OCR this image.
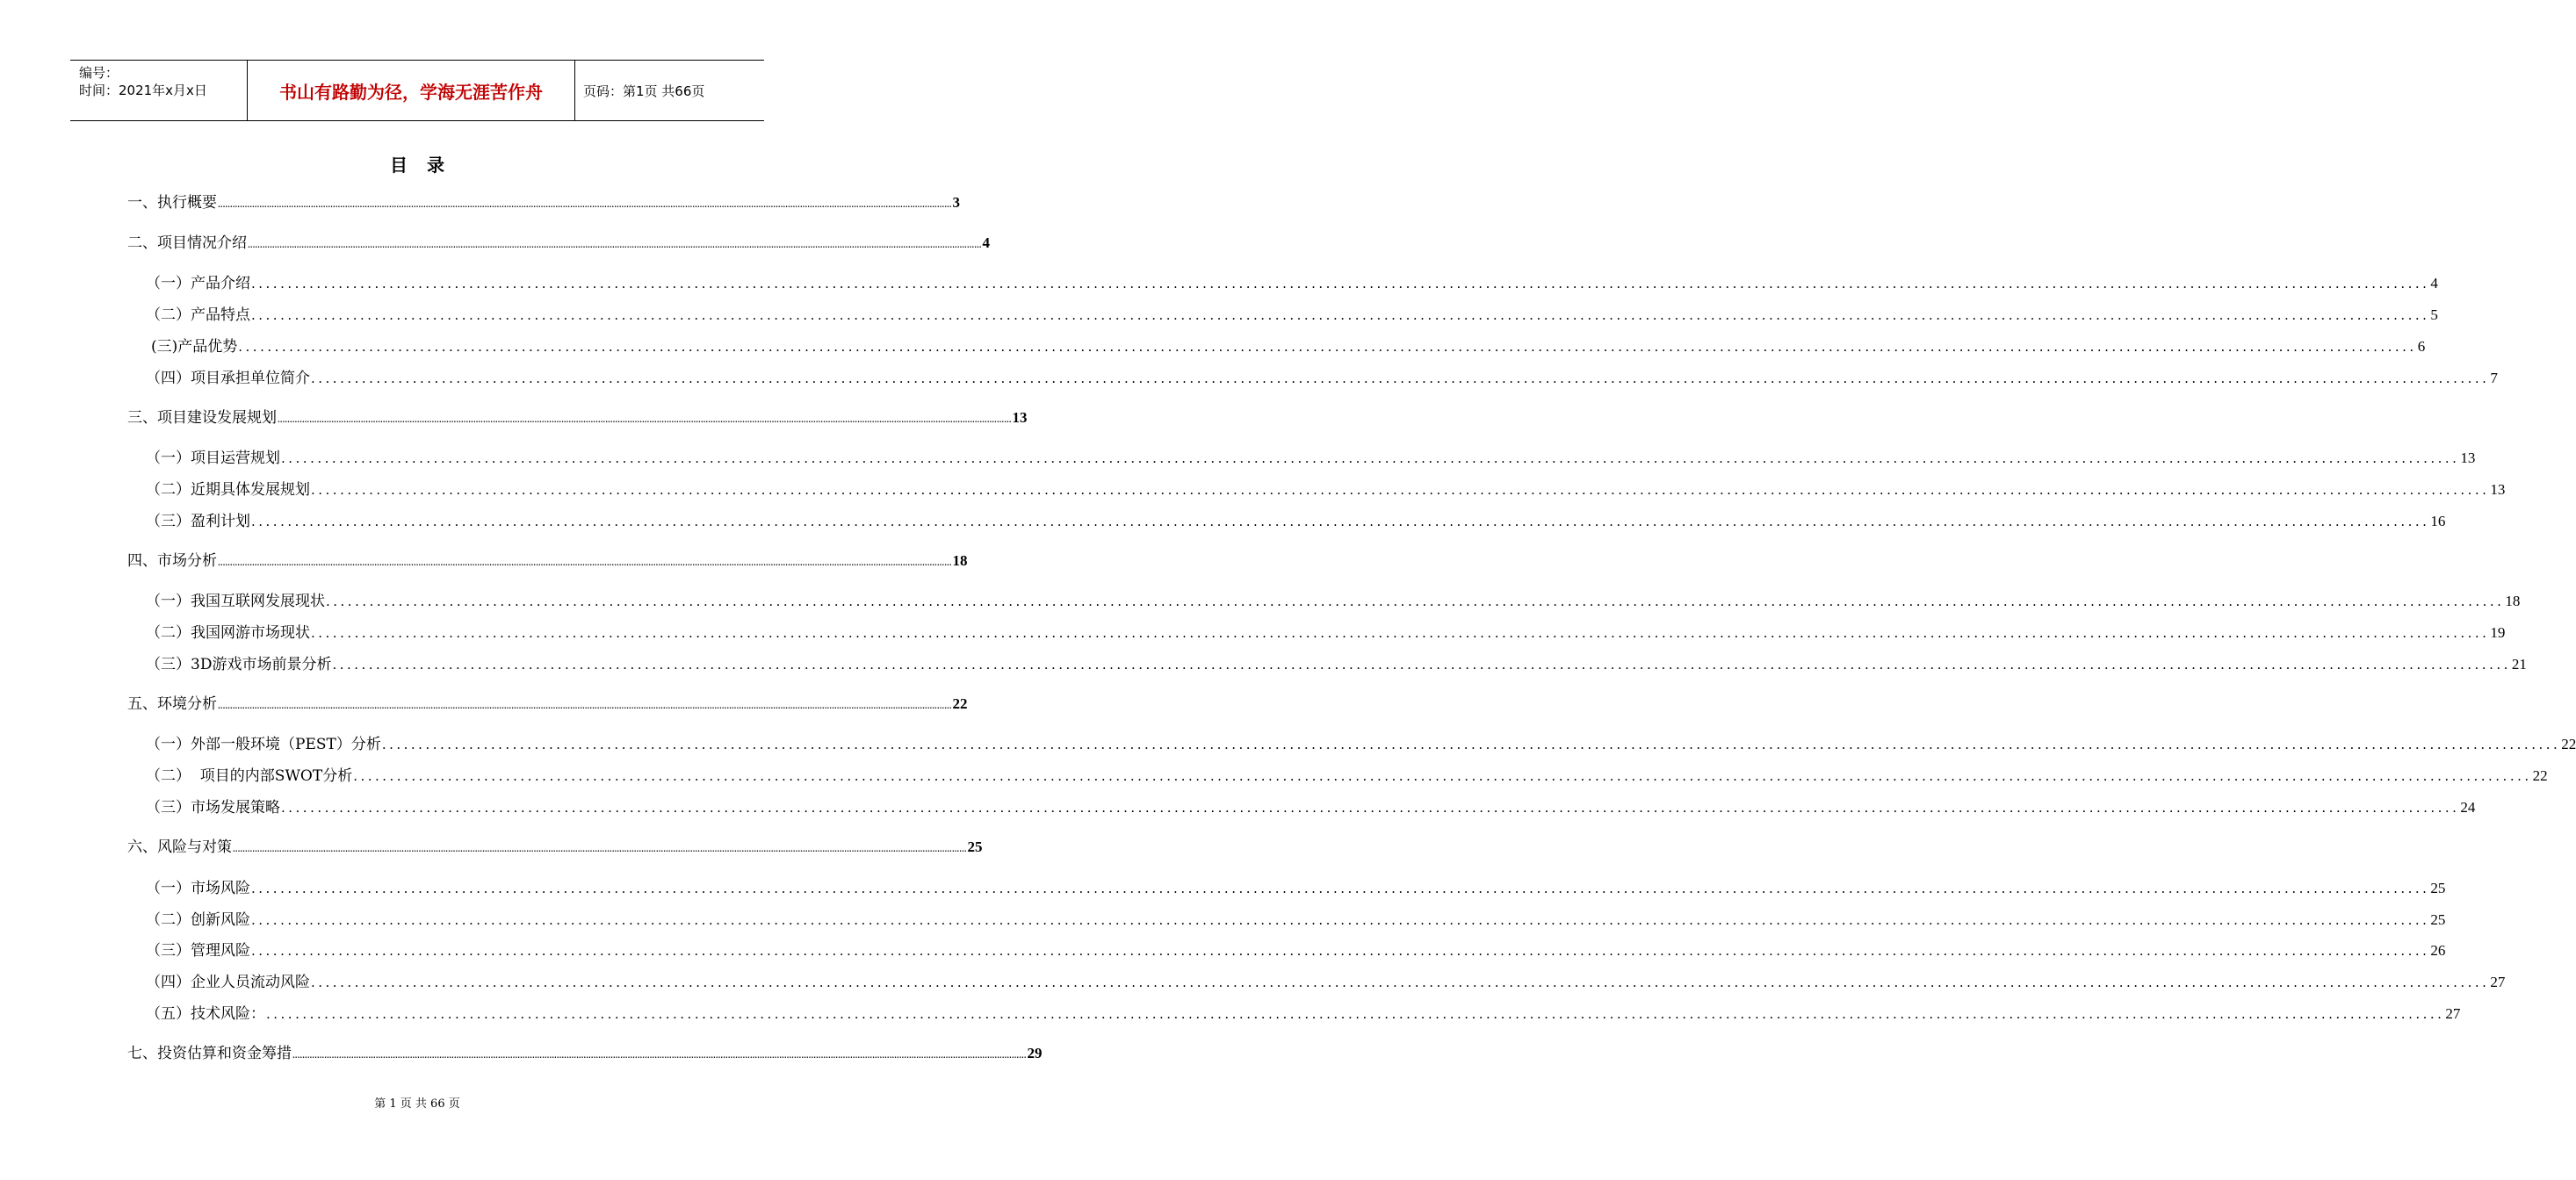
编号：
时间：2021年x月x日	书山有路勤为径，学海无涯苦作舟	页码：第1页 共66页
目录
一、执行概要 ............................................................................................................................................................................................................................................................................................................ 3
二、项目情况介绍 ............................................................................................................................................................................................................................................................................................................ 4
（一）产品介绍 ............................................................................................................................................................................................................................................................................................................ 4
（二）产品特点 ............................................................................................................................................................................................................................................................................................................ 5
(三)产品优势 ............................................................................................................................................................................................................................................................................................................ 6
（四）项目承担单位简介 ............................................................................................................................................................................................................................................................................................................ 7
三、项目建设发展规划 ............................................................................................................................................................................................................................................................................................................ 13
（一）项目运营规划 ............................................................................................................................................................................................................................................................................................................ 13
（二）近期具体发展规划 ............................................................................................................................................................................................................................................................................................................ 13
（三）盈利计划 ............................................................................................................................................................................................................................................................................................................ 16
四、市场分析 ............................................................................................................................................................................................................................................................................................................ 18
（一）我国互联网发展现状 ............................................................................................................................................................................................................................................................................................................ 18
（二）我国网游市场现状 ............................................................................................................................................................................................................................................................................................................ 19
（三）3D游戏市场前景分析 ............................................................................................................................................................................................................................................................................................................ 21
五、环境分析 ............................................................................................................................................................................................................................................................................................................ 22
（一）外部一般环境（PEST）分析 ............................................................................................................................................................................................................................................................................................................ 22
（二）  项目的内部SWOT分析 ............................................................................................................................................................................................................................................................................................................ 22
（三）市场发展策略 ............................................................................................................................................................................................................................................................................................................ 24
六、风险与对策 ............................................................................................................................................................................................................................................................................................................ 25
（一）市场风险 ............................................................................................................................................................................................................................................................................................................ 25
（二）创新风险 ............................................................................................................................................................................................................................................................................................................ 25
（三）管理风险 ............................................................................................................................................................................................................................................................................................................ 26
（四）企业人员流动风险 ............................................................................................................................................................................................................................................................................................................ 27
（五）技术风险： ............................................................................................................................................................................................................................................................................................................ 27
七、投资估算和资金筹措 ............................................................................................................................................................................................................................................................................................................ 29
第 1 页 共 66 页
